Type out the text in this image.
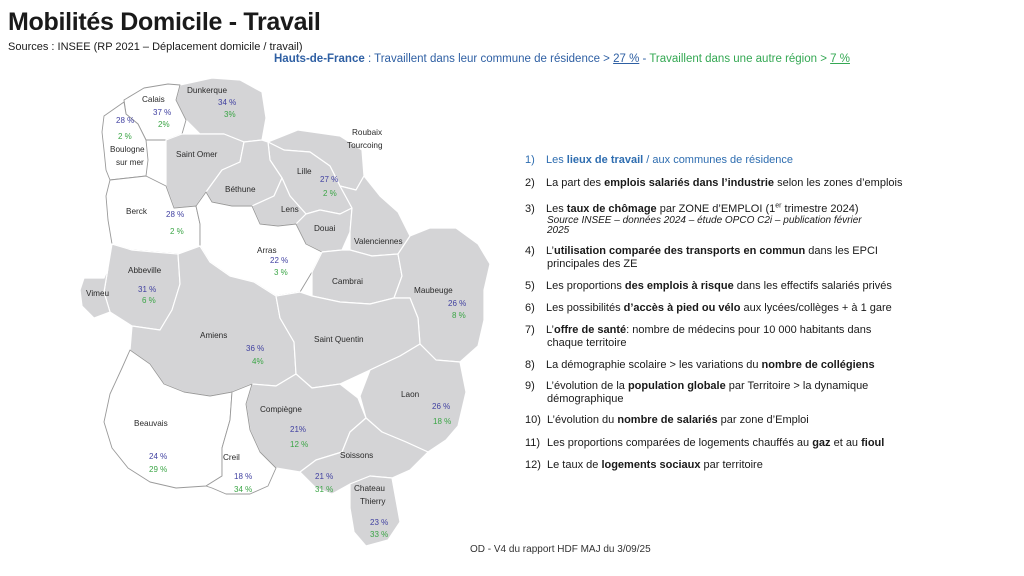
Mobilités Domicile - Travail
Sources : INSEE (RP 2021 – Déplacement domicile / travail)
Hauts-de-France : Travaillent dans leur commune de résidence > 27 % - Travaillent dans une autre région > 7 %
Calais
Dunkerque
Boulogne
sur mer
Saint Omer
Roubaix
Tourcoing
Lille
Béthune
Berck	Lens
Douai
Valenciennes
Arras
Abbeville
Cambrai
Maubeuge
Vimeu
Amiens	Saint Quentin
Laon
Beauvais
Compiègne
Creil	Soissons
Chateau
Thierry
37 %
2%
34 %
3%
28 %
2 %
27 %
2 %
28 %
2 %
22 %
3 %
31 %
6 %	26 %
8 %
36 %
4%
26 %
18 %
24 %
29 %
21%
12 %
18 %
34 %
21 %
31 %
23 %
33 %
1) Les lieux de travail / aux communes de résidence
2) La part des emplois salariés dans l’industrie selon les zones d’emplois
3) Les taux de chômage par ZONE d’EMPLOI (1er trimestre 2024)
Source INSEE – données 2024 – étude OPCO C2i – publication février
2025
4) L’utilisation comparée des transports en commun dans les EPCI
principales des ZE
5) Les proportions des emplois à risque dans les effectifs salariés privés
6) Les possibilités d’accès à pied ou vélo aux lycées/collèges + à 1 gare
7) L’offre de santé: nombre de médecins pour 10 000 habitants dans
chaque territoire
8) La démographie scolaire > les variations du nombre de collégiens
9) L’évolution de la population globale par Territoire > la dynamique
démographique
10) L’évolution du nombre de salariés par zone d’Emploi
11) Les proportions comparées de logements chauffés au gaz et au fioul
12) Le taux de logements sociaux par territoire
OD - V4 du rapport HDF MAJ du 3/09/25
